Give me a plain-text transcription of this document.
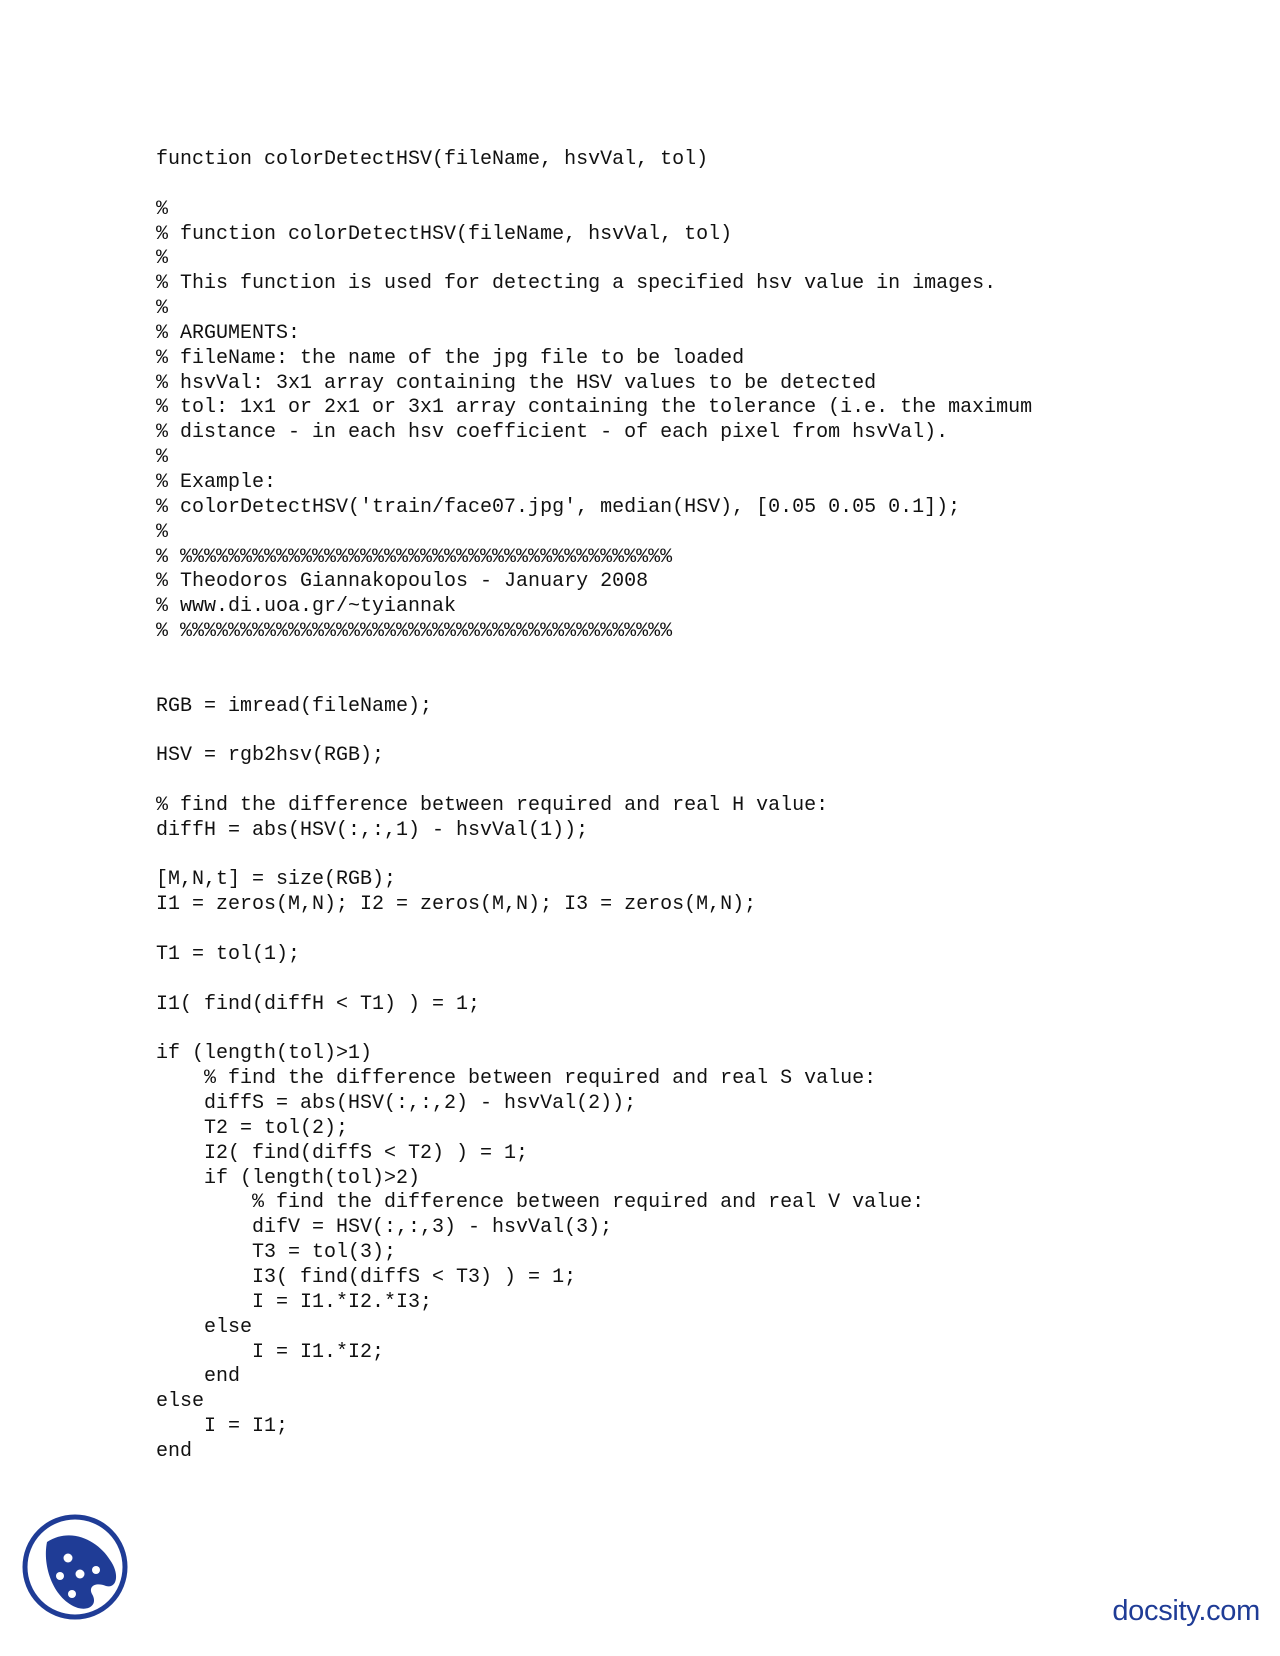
function colorDetectHSV(fileName, hsvVal, tol)
%
% function colorDetectHSV(fileName, hsvVal, tol)
%
% This function is used for detecting a specified hsv value in images.
%
% ARGUMENTS:
% fileName: the name of the jpg file to be loaded
% hsvVal: 3x1 array containing the HSV values to be detected
% tol: 1x1 or 2x1 or 3x1 array containing the tolerance (i.e. the maximum
% distance - in each hsv coefficient - of each pixel from hsvVal).
%
% Example:
% colorDetectHSV('train/face07.jpg', median(HSV), [0.05 0.05 0.1]);
%
% %%%%%%%%%%%%%%%%%%%%%%%%%%%%%%%%%%%%%%%%%
% Theodoros Giannakopoulos - January 2008
% www.di.uoa.gr/~tyiannak
% %%%%%%%%%%%%%%%%%%%%%%%%%%%%%%%%%%%%%%%%%
RGB = imread(fileName);
HSV = rgb2hsv(RGB);
% find the difference between required and real H value:
diffH = abs(HSV(:,:,1) - hsvVal(1));
[M,N,t] = size(RGB);
I1 = zeros(M,N); I2 = zeros(M,N); I3 = zeros(M,N);
T1 = tol(1);
I1( find(diffH < T1) ) = 1;
if (length(tol)>1)
% find the difference between required and real S value:
diffS = abs(HSV(:,:,2) - hsvVal(2));
T2 = tol(2);
I2( find(diffS < T2) ) = 1;
if (length(tol)>2)
% find the difference between required and real V value:
difV = HSV(:,:,3) - hsvVal(3);
T3 = tol(3);
I3( find(diffS < T3) ) = 1;
I = I1.*I2.*I3;
else
I = I1.*I2;
end
else
I = I1;
end
docsity.com
